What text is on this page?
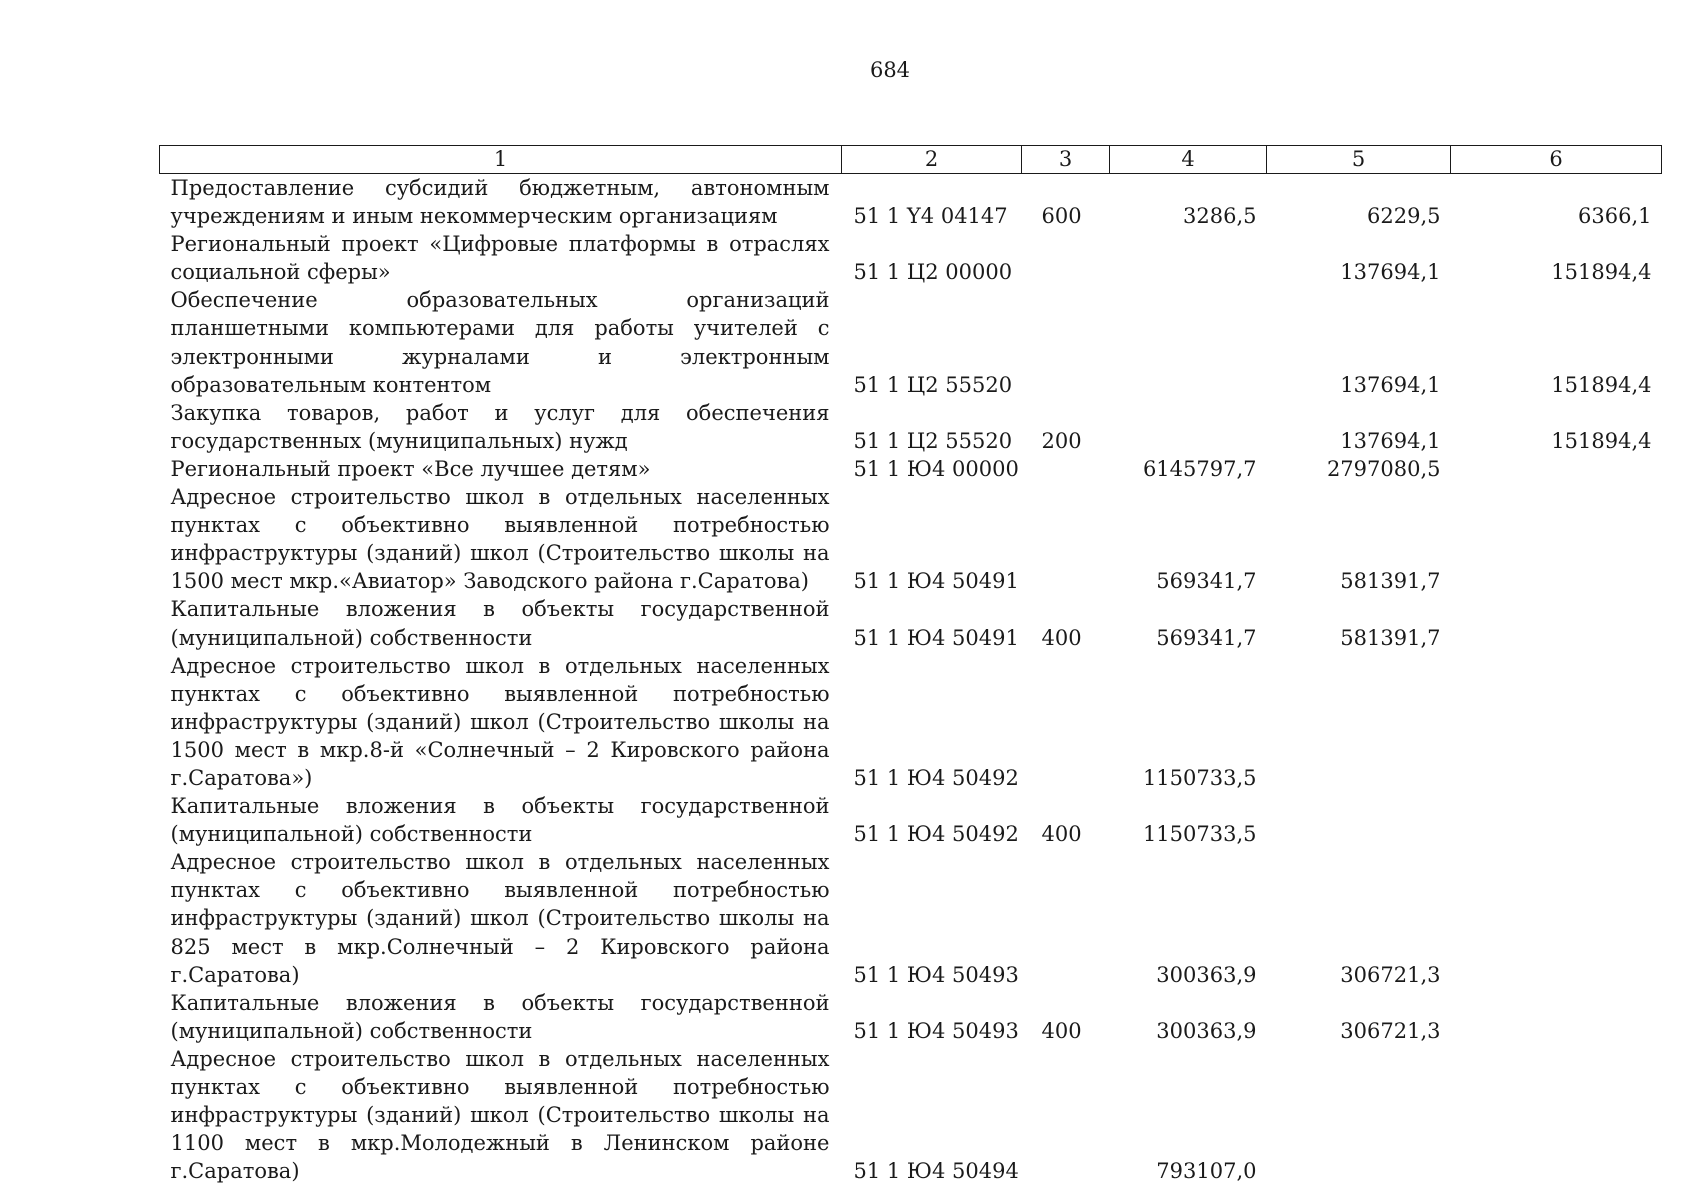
684
1	2	3	4	5	6
Предоставление субсидий бюджетным, автономным учреждениям и иным некоммерческим организациям	51 1 Y4 04147	600	3286,5	6229,5	6366,1
Региональный проект «Цифровые платформы в отраслях социальной сферы»	51 1 Ц2 00000			137694,1	151894,4
Обеспечение образовательных организаций планшетными компьютерами для работы учителей с электронными журналами и электронным образовательным контентом	51 1 Ц2 55520			137694,1	151894,4
Закупка товаров, работ и услуг для обеспечения государственных (муниципальных) нужд	51 1 Ц2 55520	200		137694,1	151894,4
Региональный проект «Все лучшее детям»	51 1 Ю4 00000		6145797,7	2797080,5	
Адресное строительство школ в отдельных населенных пунктах с объективно выявленной потребностью инфраструктуры (зданий) школ (Строительство школы на 1500 мест мкр.«Авиатор» Заводского района г.Саратова)	51 1 Ю4 50491		569341,7	581391,7	
Капитальные вложения в объекты государственной (муниципальной) собственности	51 1 Ю4 50491	400	569341,7	581391,7	
Адресное строительство школ в отдельных населенных пунктах с объективно выявленной потребностью инфраструктуры (зданий) школ (Строительство школы на 1500 мест в мкр.8-й «Солнечный – 2 Кировского района г.Саратова»)	51 1 Ю4 50492		1150733,5		
Капитальные вложения в объекты государственной (муниципальной) собственности	51 1 Ю4 50492	400	1150733,5		
Адресное строительство школ в отдельных населенных пунктах с объективно выявленной потребностью инфраструктуры (зданий) школ (Строительство школы на 825 мест в мкр.Солнечный – 2 Кировского района г.Саратова)	51 1 Ю4 50493		300363,9	306721,3	
Капитальные вложения в объекты государственной (муниципальной) собственности	51 1 Ю4 50493	400	300363,9	306721,3	
Адресное строительство школ в отдельных населенных пунктах с объективно выявленной потребностью инфраструктуры (зданий) школ (Строительство школы на 1100 мест в мкр.Молодежный в Ленинском районе г.Саратова)	51 1 Ю4 50494		793107,0		
